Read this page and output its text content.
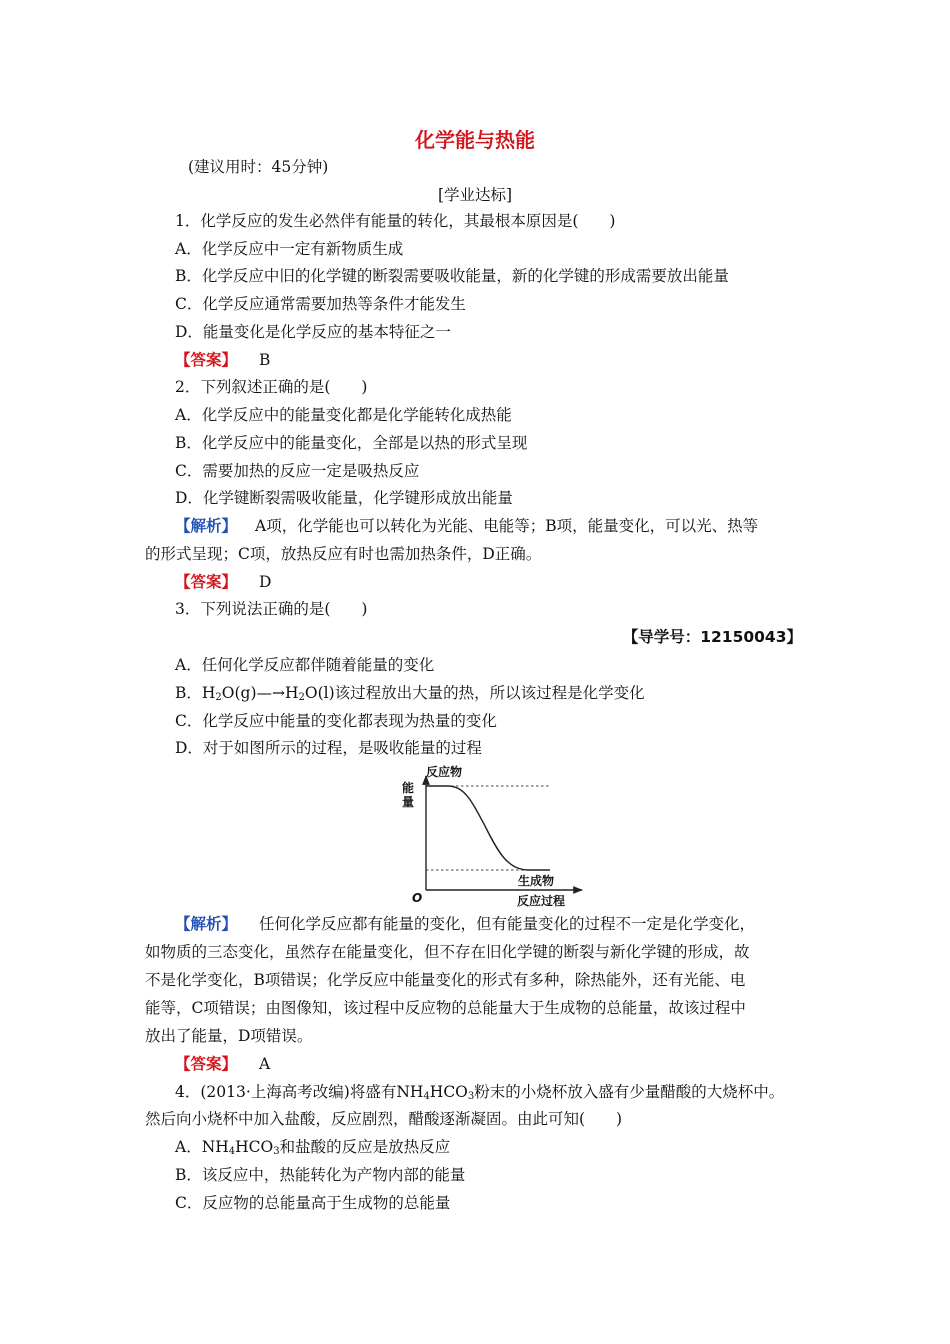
化学能与热能
(建议用时：45分钟)
[学业达标]
1．化学反应的发生必然伴有能量的转化，其最根本原因是(　　)
A．化学反应中一定有新物质生成
B．化学反应中旧的化学键的断裂需要吸收能量，新的化学键的形成需要放出能量
C．化学反应通常需要加热等条件才能发生
D．能量变化是化学反应的基本特征之一
【答案】 B
2．下列叙述正确的是(　　)
A．化学反应中的能量变化都是化学能转化成热能
B．化学反应中的能量变化，全部是以热的形式呈现
C．需要加热的反应一定是吸热反应
D．化学键断裂需吸收能量，化学键形成放出能量
【解析】 A项，化学能也可以转化为光能、电能等；B项，能量变化，可以光、热等
的形式呈现；C项，放热反应有时也需加热条件，D正确。
【答案】 D
3．下列说法正确的是(　　)
【导学号：12150043】
A．任何化学反应都伴随着能量的变化
B．$H_2O(g)—\to H_2O(l)$该过程放出大量的热，所以该过程是化学变化
C．化学反应中能量的变化都表现为热量的变化
D．对于如图所示的过程，是吸收能量的过程
能
量
反应物
生成物
O	反应过程
【解析】 任何化学反应都有能量的变化，但有能量变化的过程不一定是化学变化，
如物质的三态变化，虽然存在能量变化，但不存在旧化学键的断裂与新化学键的形成，故
不是化学变化，B项错误；化学反应中能量变化的形式有多种，除热能外，还有光能、电
能等，C项错误；由图像知，该过程中反应物的总能量大于生成物的总能量，故该过程中
放出了能量，D项错误。
【答案】 A
4．(2013·上海高考改编)将盛有$NH_4HCO_3$粉末的小烧杯放入盛有少量醋酸的大烧杯中。
然后向小烧杯中加入盐酸，反应剧烈，醋酸逐渐凝固。由此可知(　　)
A．$NH_4HCO_3$和盐酸的反应是放热反应
B．该反应中，热能转化为产物内部的能量
C．反应物的总能量高于生成物的总能量
